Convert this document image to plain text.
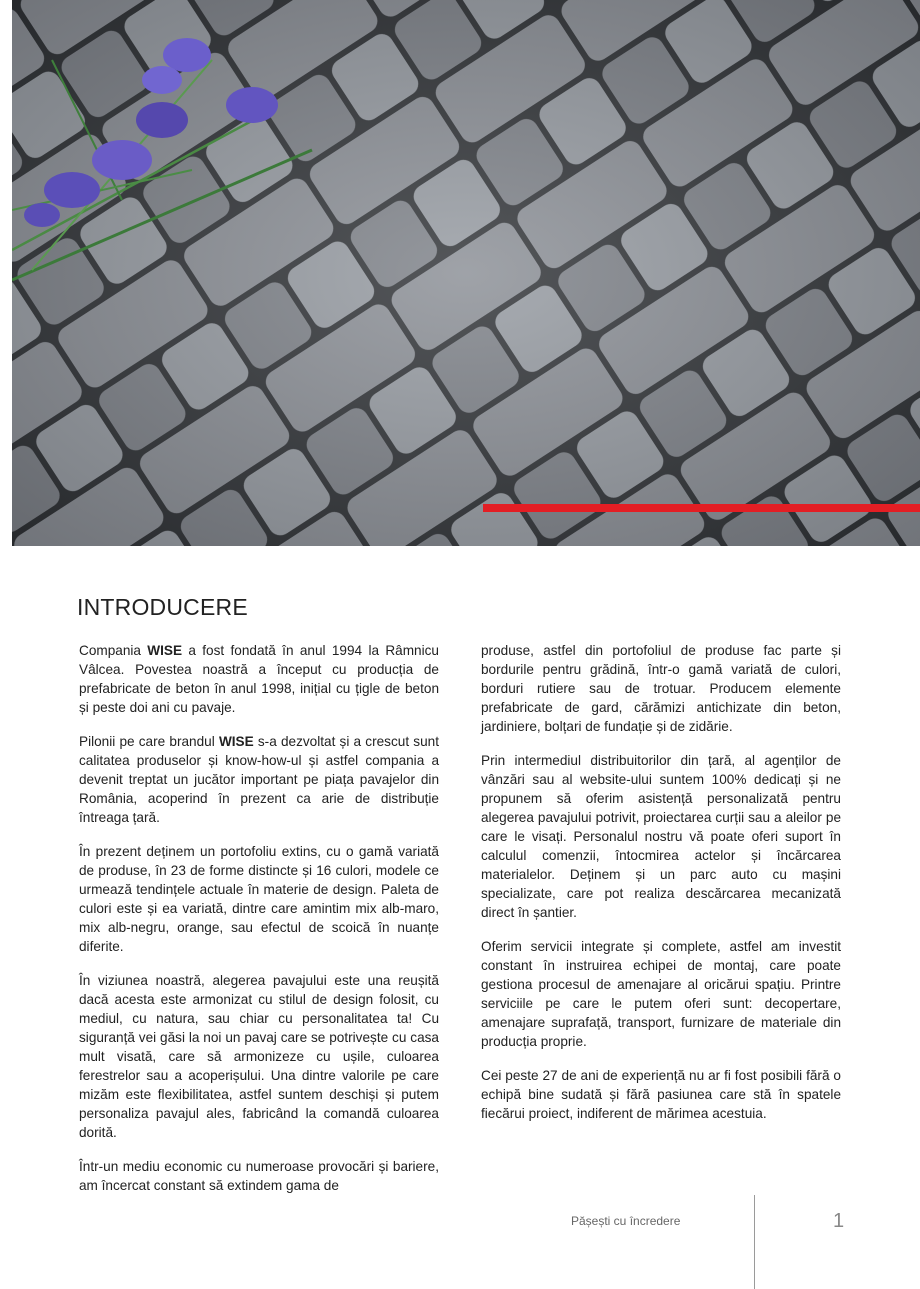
INTRODUCERE

Compania WISE a fost fondată în anul 1994 la Râmnicu Vâlcea. Povestea noastră a început cu producția de prefabricate de beton în anul 1998, inițial cu țigle de beton și peste doi ani cu pavaje.

Pilonii pe care brandul WISE s-a dezvoltat și a crescut sunt calitatea produselor și know-how-ul și astfel compania a devenit treptat un jucător important pe piața pavajelor din România, acoperind în prezent ca arie de distribuție întreaga țară.

În prezent deținem un portofoliu extins, cu o gamă variată de produse, în 23 de forme distincte și 16 culori, modele ce urmează tendințele actuale în materie de design. Paleta de culori este și ea variată, dintre care amintim mix alb-maro, mix alb-negru, orange, sau efectul de scoică în nuanțe diferite.

În viziunea noastră, alegerea pavajului este una reușită dacă acesta este armonizat cu stilul de design folosit, cu mediul, cu natura, sau chiar cu personalitatea ta! Cu siguranță vei găsi la noi un pavaj care se potrivește cu casa mult visată, care să armonizeze cu ușile, culoarea ferestrelor sau a acoperișului. Una dintre valorile pe care mizăm este flexibilitatea, astfel suntem deschiși și putem personaliza pavajul ales, fabricând la comandă culoarea dorită.

Într-un mediu economic cu numeroase provocări și bariere, am încercat constant să extindem gama de

produse, astfel din portofoliul de produse fac parte și bordurile pentru grădină, într-o gamă variată de culori, borduri rutiere sau de trotuar. Producem elemente prefabricate de gard, cărămizi antichizate din beton, jardiniere, bolțari de fundație și de zidărie.

Prin intermediul distribuitorilor din țară, al agenților de vânzări sau al website-ului suntem 100% dedicați și ne propunem să oferim asistență personalizată pentru alegerea pavajului potrivit, proiectarea curții sau a aleilor pe care le visați. Personalul nostru vă poate oferi suport în calculul comenzii, întocmirea actelor și încărcarea materialelor. Deținem și un parc auto cu mașini specializate, care pot realiza descărcarea mecanizată direct în șantier.

Oferim servicii integrate și complete, astfel am investit constant în instruirea echipei de montaj, care poate gestiona procesul de amenajare al oricărui spațiu. Printre serviciile pe care le putem oferi sunt: decopertare, amenajare suprafață, transport, furnizare de materiale din producția proprie.

Cei peste 27 de ani de experiență nu ar fi fost posibili fără o echipă bine sudată și fără pasiunea care stă în spatele fiecărui proiect, indiferent de mărimea acestuia.

Pășești cu încredere	1
